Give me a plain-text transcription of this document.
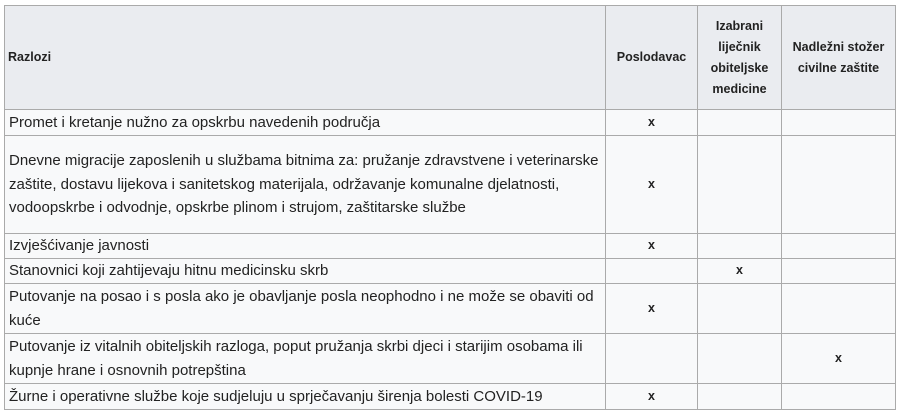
Razlozi	Poslodavac	Izabrani liječnik obiteljske medicine	Nadležni stožer civilne zaštite
Promet i kretanje nužno za opskrbu navedenih područja	x		
Dnevne migracije zaposlenih u službama bitnima za: pružanje zdravstvene i veterinarske zaštite, dostavu lijekova i sanitetskog materijala, održavanje komunalne djelatnosti, vodoopskrbe i odvodnje, opskrbe plinom i strujom, zaštitarske službe	x		
Izvješćivanje javnosti	x		
Stanovnici koji zahtijevaju hitnu medicinsku skrb		x	
Putovanje na posao i s posla ako je obavljanje posla neophodno i ne može se obaviti od kuće	x		
Putovanje iz vitalnih obiteljskih razloga, poput pružanja skrbi djeci i starijim osobama ili kupnje hrane i osnovnih potrepština			x
Žurne i operativne službe koje sudjeluju u sprječavanju širenja bolesti COVID-19	x		
